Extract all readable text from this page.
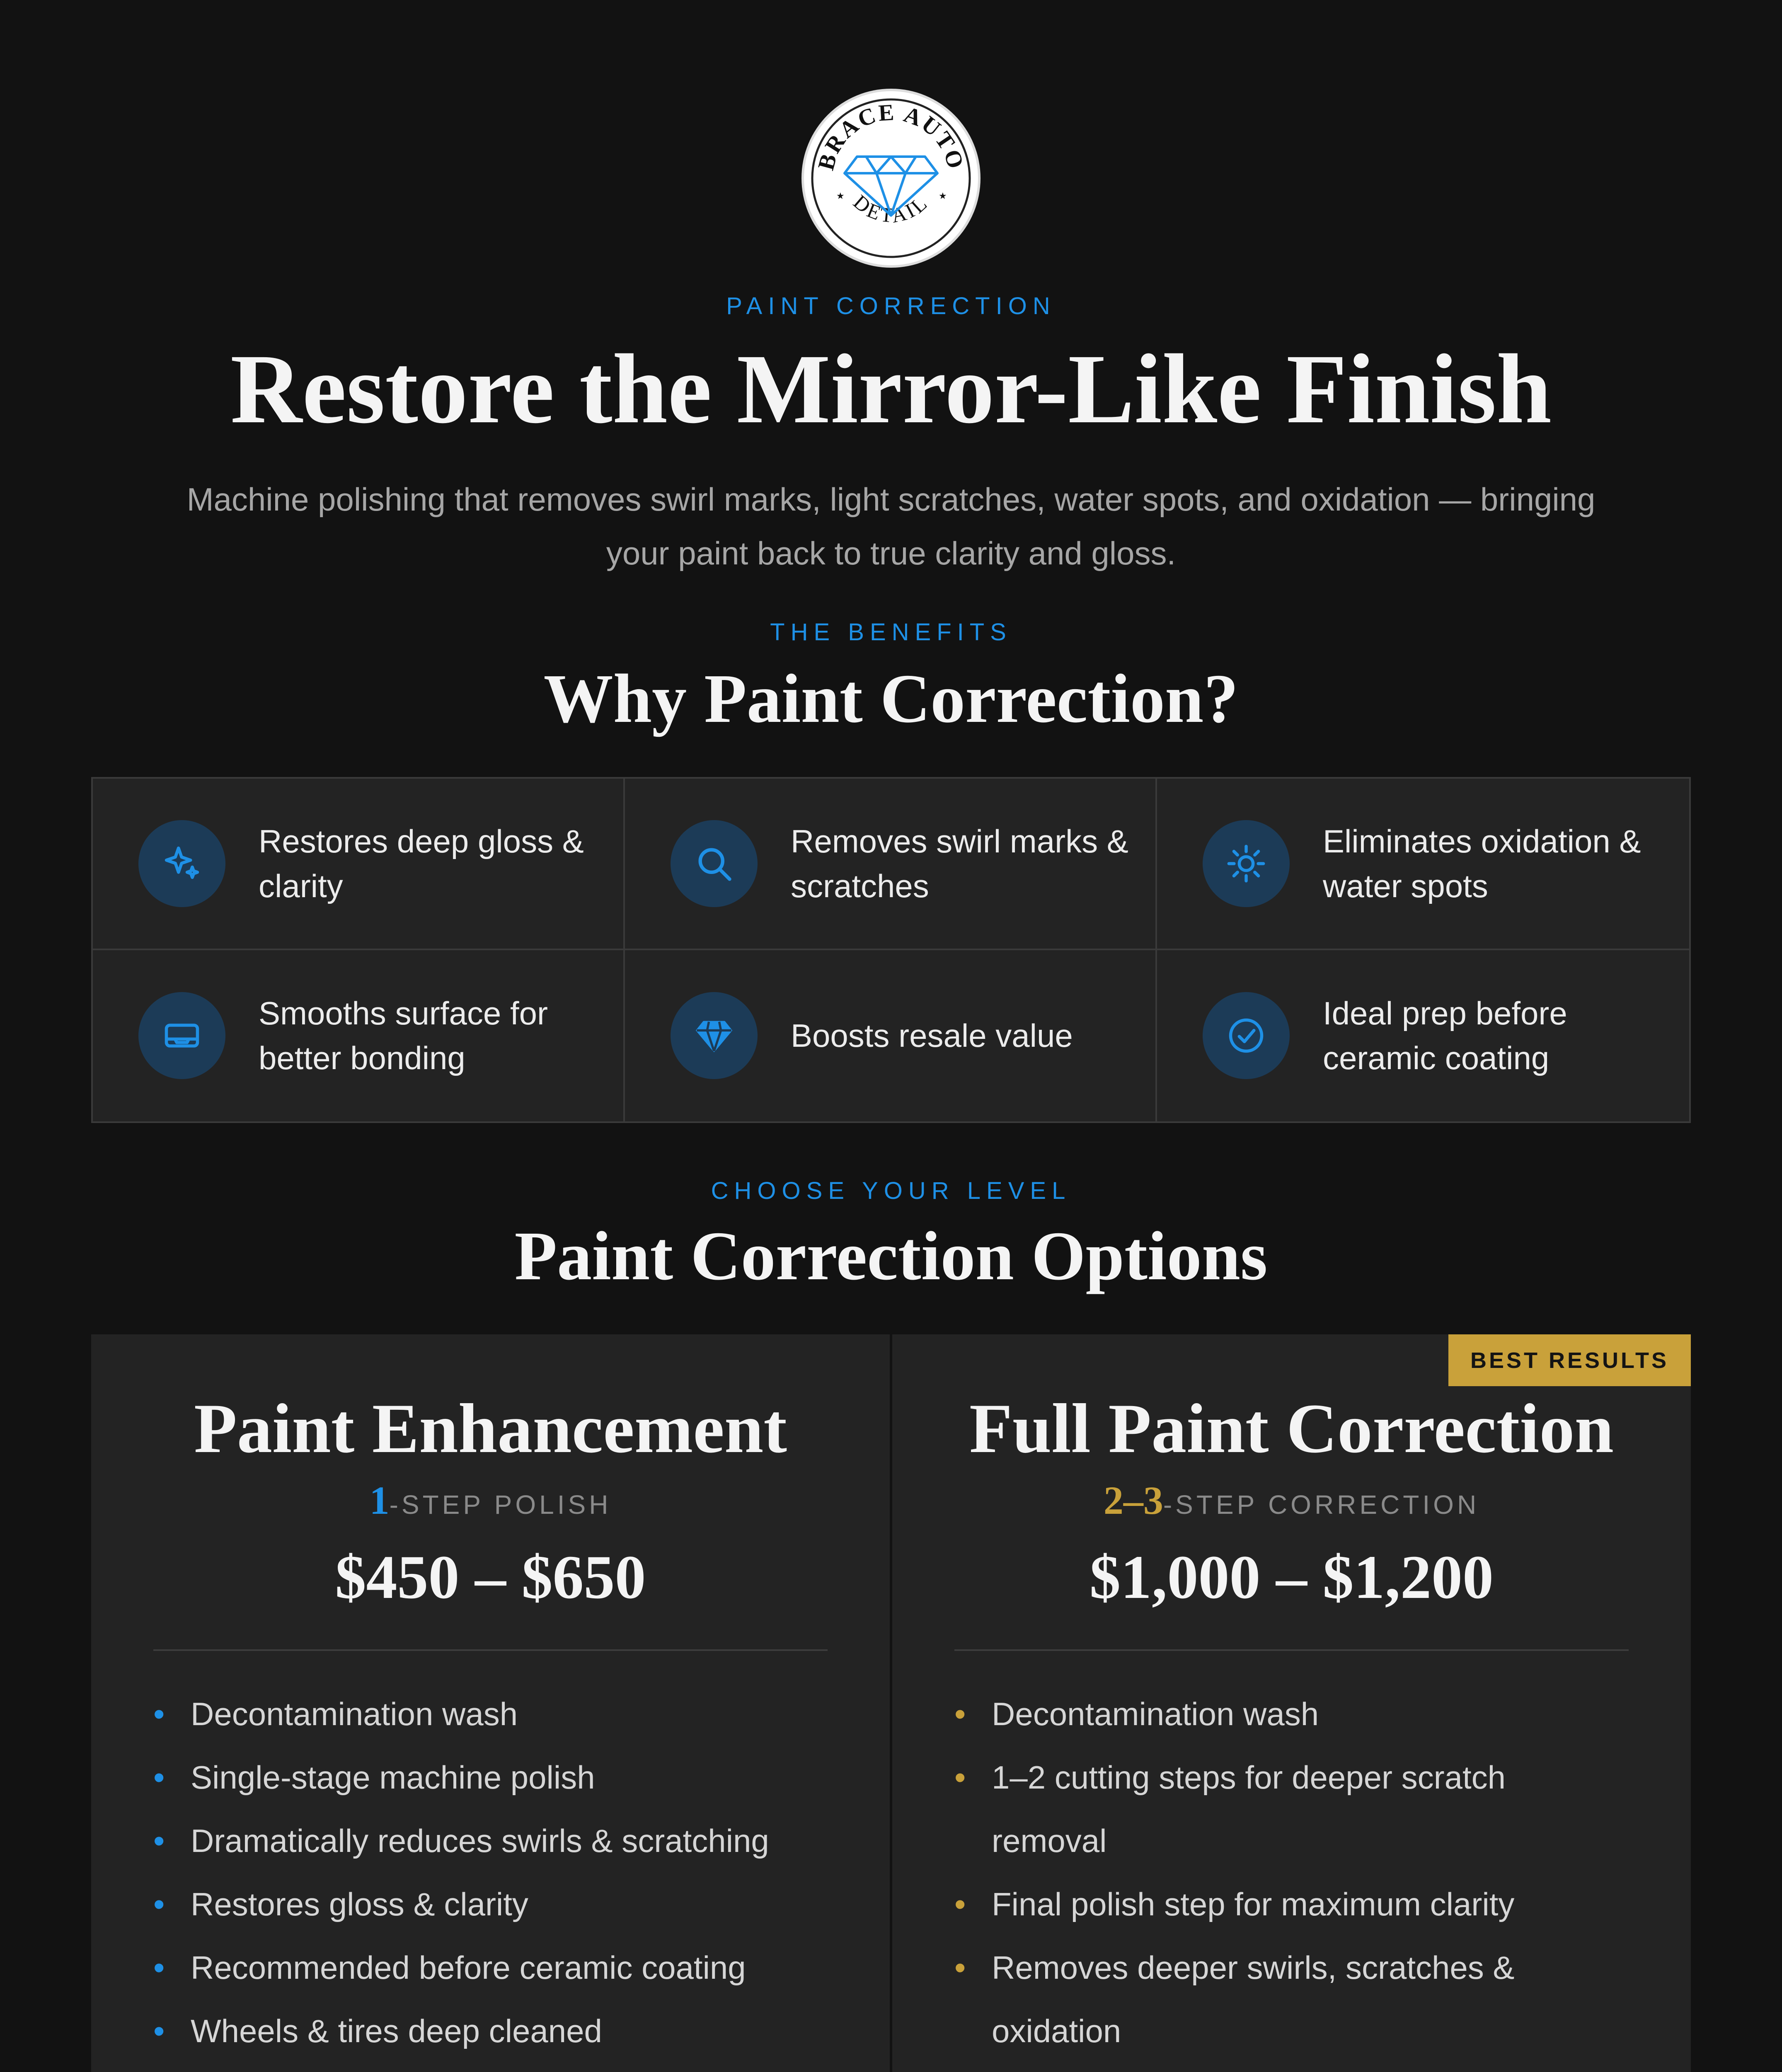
BRACE AUTO
DETAIL
★	★
PAINT CORRECTION
Restore the Mirror-Like Finish
Machine polishing that removes swirl marks, light scratches, water spots, and oxidation — bringing your paint back to true clarity and gloss.
THE BENEFITS
Why Paint Correction?
Restores deep gloss & clarity
Removes swirl marks & scratches
Eliminates oxidation & water spots
Smooths surface for better bonding
Boosts resale value
Ideal prep before ceramic coating
CHOOSE YOUR LEVEL
Paint Correction Options
Paint Enhancement
1-STEP POLISH
$450 – $650
• Decontamination wash
• Single-stage machine polish
• Dramatically reduces swirls & scratching
• Restores gloss & clarity
• Recommended before ceramic coating
• Wheels & tires deep cleaned
BEST RESULTS
Full Paint Correction
2–3-STEP CORRECTION
$1,000 – $1,200
• Decontamination wash
• 1–2 cutting steps for deeper scratch removal
• Final polish step for maximum clarity
• Removes deeper swirls, scratches & oxidation
